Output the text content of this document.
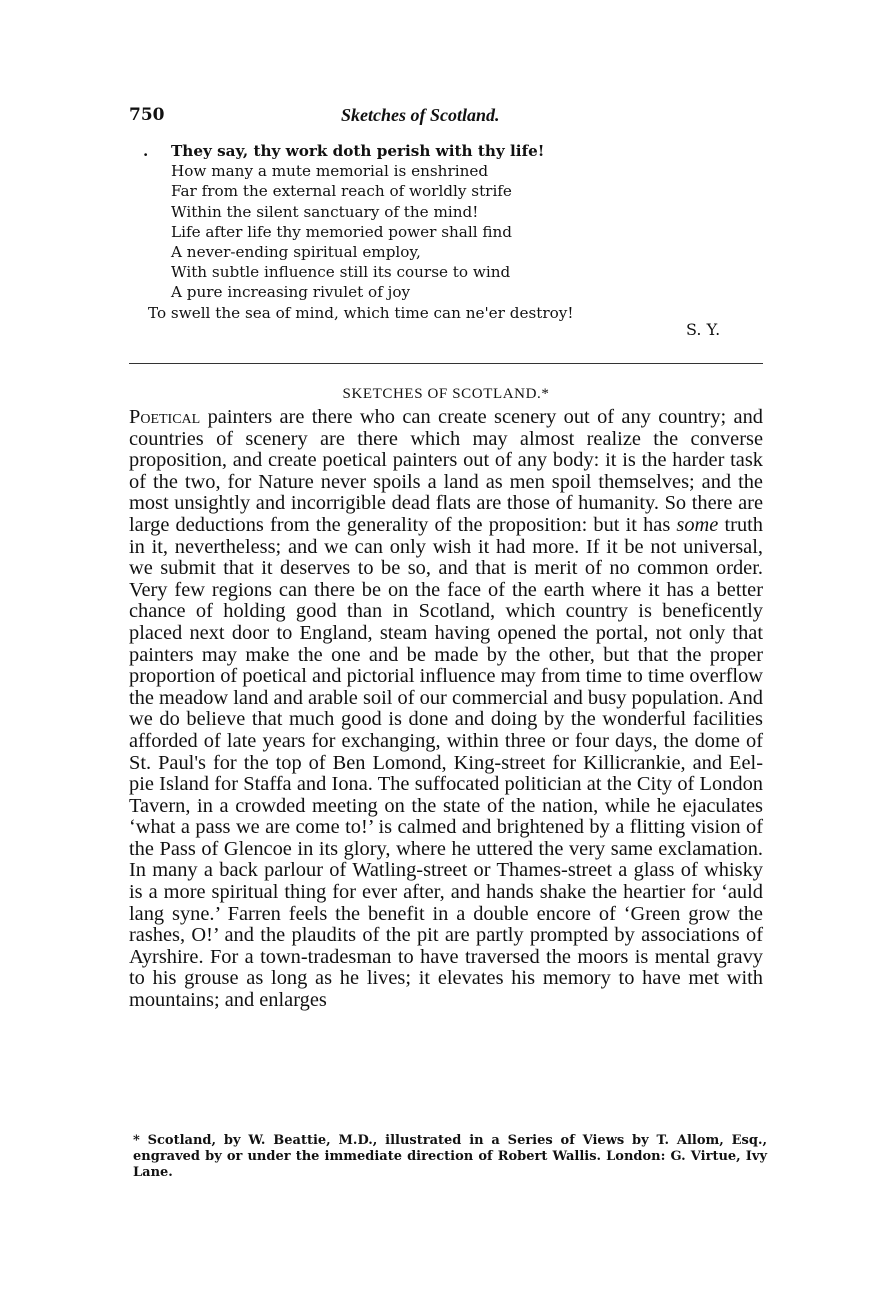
750	Sketches of Scotland.
. They say, thy work doth perish with thy life!
How many a mute memorial is enshrined
Far from the external reach of worldly strife
Within the silent sanctuary of the mind!
Life after life thy memoried power shall find
A never-ending spiritual employ,
With subtle influence still its course to wind
A pure increasing rivulet of joy
To swell the sea of mind, which time can ne'er destroy!
S. Y.
SKETCHES OF SCOTLAND.*

Poetical painters are there who can create scenery out of any country; and countries of scenery are there which may almost realize the converse proposition, and create poetical painters out of any body: it is the harder task of the two, for Nature never spoils a land as men spoil themselves; and the most unsightly and incorrigible dead flats are those of humanity. So there are large deductions from the generality of the proposition: but it has some truth in it, nevertheless; and we can only wish it had more. If it be not universal, we submit that it deserves to be so, and that is merit of no common order. Very few regions can there be on the face of the earth where it has a better chance of holding good than in Scotland, which country is beneficently placed next door to England, steam having opened the portal, not only that painters may make the one and be made by the other, but that the proper proportion of poetical and pictorial influence may from time to time overflow the meadow land and arable soil of our commercial and busy population. And we do believe that much good is done and doing by the wonderful facilities afforded of late years for exchanging, within three or four days, the dome of St. Paul's for the top of Ben Lomond, King-street for Killicrankie, and Eel-pie Island for Staffa and Iona. The suffocated politician at the City of London Tavern, in a crowded meeting on the state of the nation, while he ejaculates ‘what a pass we are come to!’ is calmed and brightened by a flitting vision of the Pass of Glencoe in its glory, where he uttered the very same exclamation. In many a back parlour of Watling-street or Thames-street a glass of whisky is a more spiritual thing for ever after, and hands shake the heartier for ‘auld lang syne.’ Farren feels the benefit in a double encore of ‘Green grow the rashes, O!’ and the plaudits of the pit are partly prompted by associations of Ayrshire. For a town-tradesman to have traversed the moors is mental gravy to his grouse as long as he lives; it elevates his memory to have met with mountains; and enlarges

* Scotland, by W. Beattie, M.D., illustrated in a Series of Views by T. Allom, Esq., engraved by or under the immediate direction of Robert Wallis. London: G. Virtue, Ivy Lane.
